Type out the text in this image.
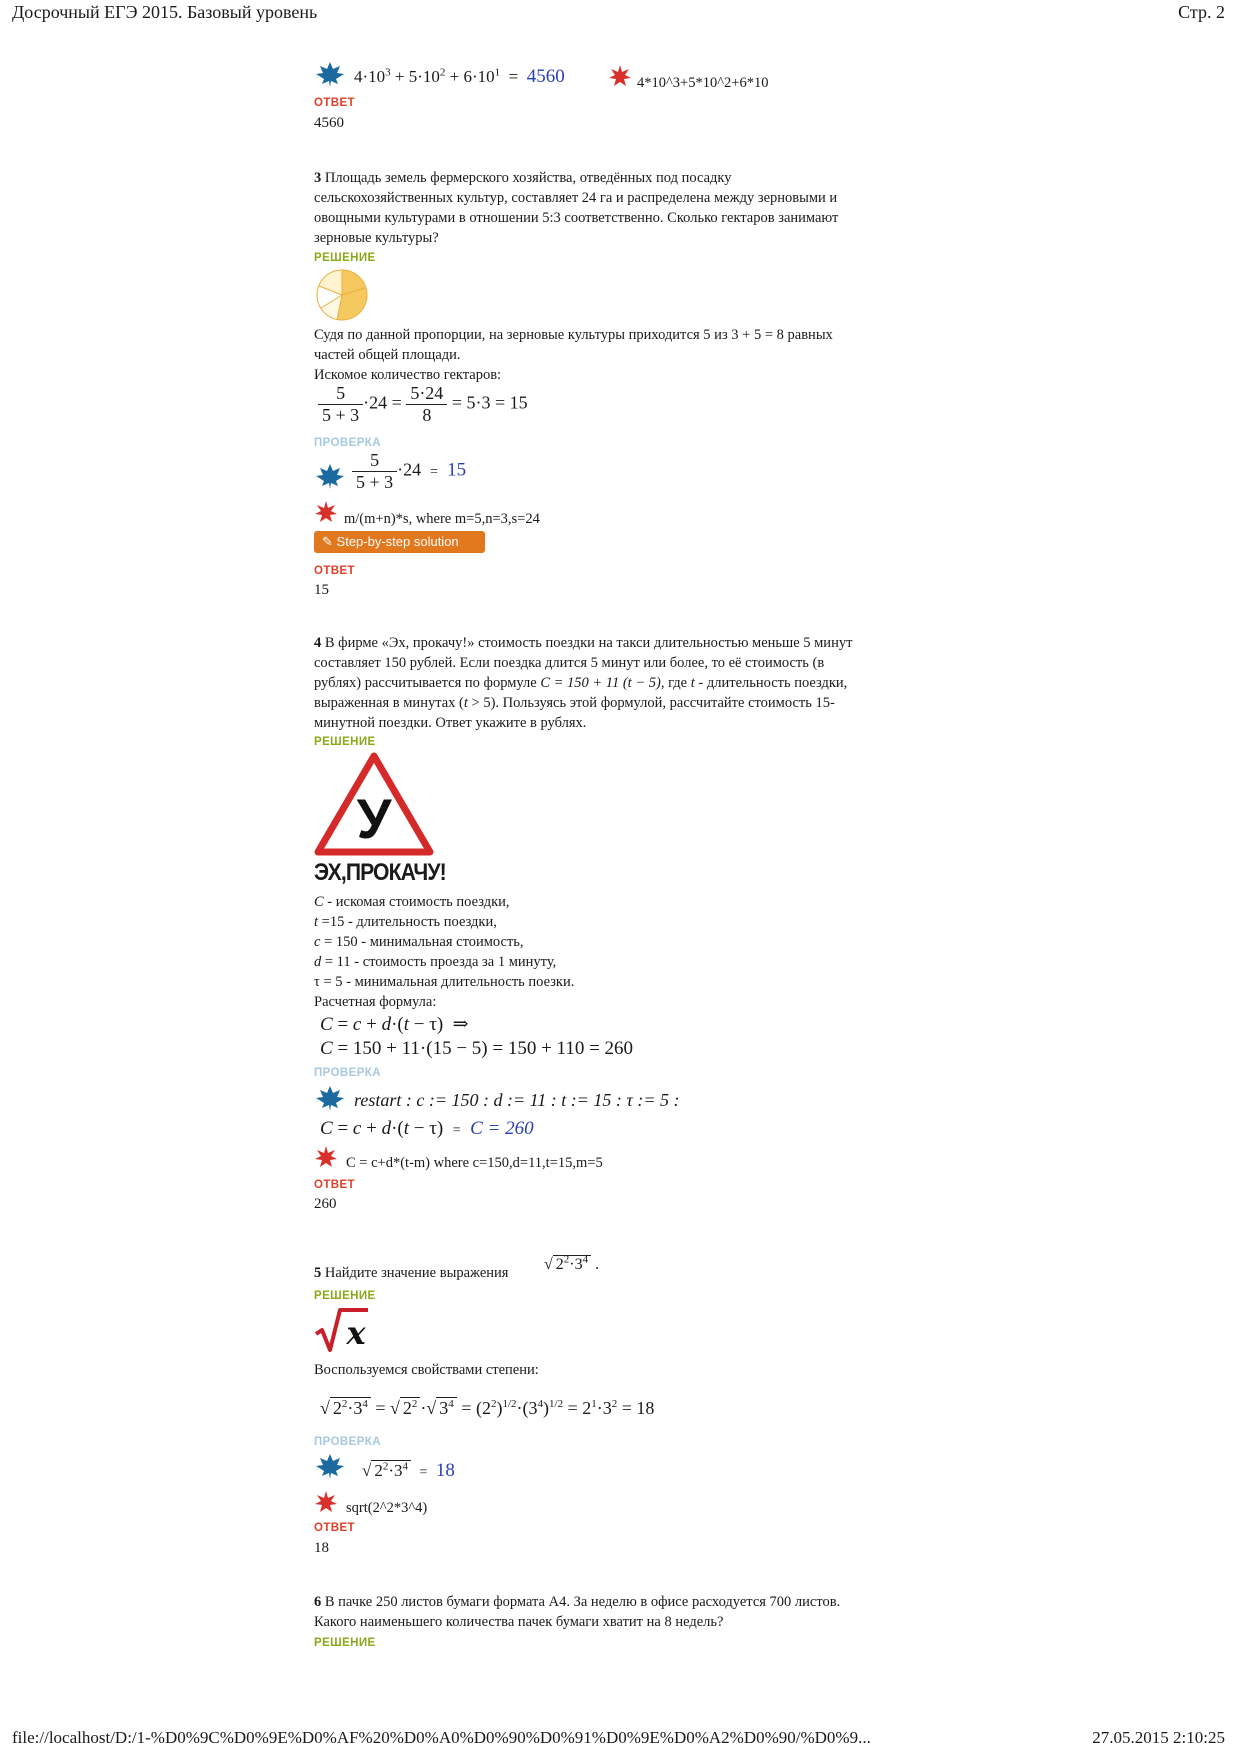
Досрочный ЕГЭ 2015. Базовый уровень	Стр. 2
$4\cdot 10^3 + 5\cdot 10^2 + 6\cdot 10^1 = 4560$	4*10^3+5*10^2+6*10
ОТВЕТ
4560
3 Площадь земель фермерского хозяйства, отведённых под посадку
сельскохозяйственных культур, составляет 24 га и распределена между зерновыми и
овощными культурами в отношении 5:3 соответственно. Сколько гектаров занимают
зерновые культуры?
РЕШЕНИЕ
Судя по данной пропорции, на зерновые культуры приходится 5 из 3 + 5 = 8 равных
частей общей площади.
Искомое количество гектаров:
$\frac{5}{5 + 3} \cdot 24 = \frac{5\cdot 24}{8} = 5\cdot 3 = 15$
ПРОВЕРКА
$\frac{5}{5 + 3} \cdot 24 = 15$
m/(m+n)*s, where m=5,n=3,s=24
✎ Step-by-step solution
ОТВЕТ
15
4 В фирме «Эх, прокачу!» стоимость поездки на такси длительностью меньше 5 минут
составляет 150 рублей. Если поездка длится 5 минут или более, то её стоимость (в
рублях) рассчитывается по формуле C = 150 + 11 (t − 5), где t - длительность поездки,
выраженная в минутах (t > 5). Пользуясь этой формулой, рассчитайте стоимость 15-
минутной поездки. Ответ укажите в рублях.
РЕШЕНИЕ
У
ЭХ,ПРОКАЧУ!
C - искомая стоимость поездки,
t =15 - длительность поездки,
c = 150 - минимальная стоимость,
d = 11 - стоимость проезда за 1 минуту,
τ = 5 - минимальная длительность поезки.
Расчетная формула:
C = c + d·(t − τ)  ⇒
C = 150 + 11·(15 − 5) = 150 + 110 = 260
ПРОВЕРКА
restart : c := 150 : d := 11 : t := 15 : τ := 5 :
C = c + d·(t − τ)  = C = 260
C = c+d*(t-m) where c=150,d=11,t=15,m=5
ОТВЕТ
260
5 Найдите значение выражения √ $2^2\cdot 3^4$ .
РЕШЕНИЕ
x
Воспользуемся свойствами степени:
√ $2^2\cdot 3^4$ = √ $2^2$ ·√ $3^4 = (2^2)^{1/2}\cdot(3^4)^{1/2} = 2^1\cdot 3^2 = 18$
ПРОВЕРКА
√ $2^2\cdot 3^4 = 18$
sqrt(2^2*3^4)
ОТВЕТ
18
6 В пачке 250 листов бумаги формата А4. За неделю в офисе расходуется 700 листов.
Какого наименьшего количества пачек бумаги хватит на 8 недель?
РЕШЕНИЕ
file://localhost/D:/1-%D0%9C%D0%9E%D0%AF%20%D0%A0%D0%90%D0%91%D0%9E%D0%A2%D0%90/%D0%9...	27.05.2015 2:10:25
